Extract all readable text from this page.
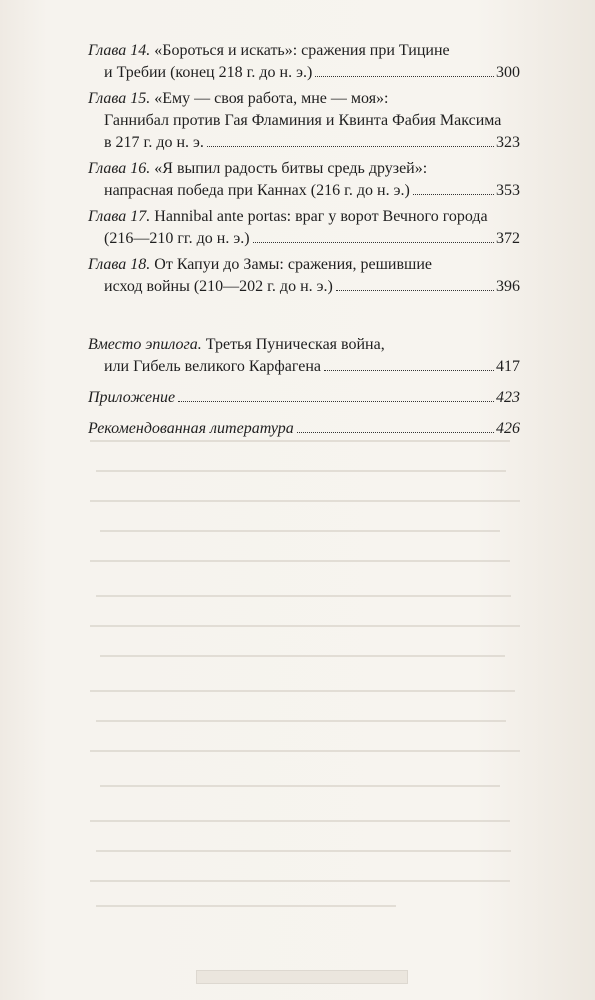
Глава 14.
«Бороться и искать»: сражения при Тицине
и Требии (конец 218 г. до н. э.)	300
Глава 15.
«Ему — своя работа, мне — моя»:
Ганнибал против Гая Фламиния и Квинта Фабия Максима
в 217 г. до н. э.	323
Глава 16.
«Я выпил радость битвы средь друзей»:
напрасная победа при Каннах (216 г. до н. э.)	353
Глава 17.
Hannibal ante portas: враг у ворот Вечного города
(216—210 гг. до н. э.)	372
Глава 18.
От Капуи до Замы: сражения, решившие
исход войны (210—202 г. до н. э.)	396
Вместо эпилога.
Третья Пуническая война,
или Гибель великого Карфагена	417
Приложение	423
Рекомендованная литература	426
